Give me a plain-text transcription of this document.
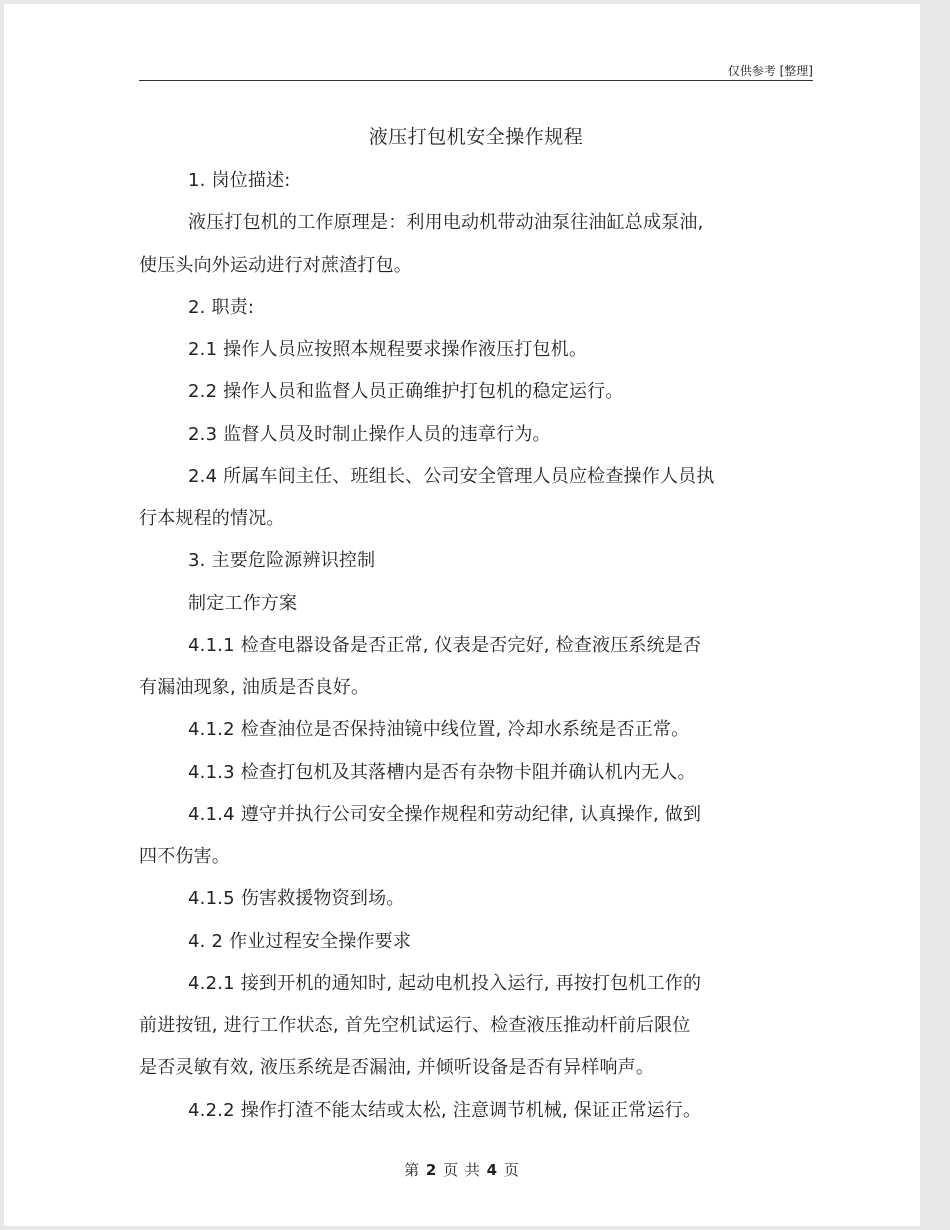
仅供参考 [整理]
液压打包机安全操作规程
1. 岗位描述:
液压打包机的工作原理是：利用电动机带动油泵往油缸总成泵油,
使压头向外运动进行对蔗渣打包。
2. 职责:
2.1 操作人员应按照本规程要求操作液压打包机。
2.2 操作人员和监督人员正确维护打包机的稳定运行。
2.3 监督人员及时制止操作人员的违章行为。
2.4 所属车间主任、班组长、公司安全管理人员应检查操作人员执
行本规程的情况。
3. 主要危险源辨识控制
制定工作方案
4.1.1 检查电器设备是否正常, 仪表是否完好, 检查液压系统是否
有漏油现象, 油质是否良好。
4.1.2 检查油位是否保持油镜中线位置, 冷却水系统是否正常。
4.1.3 检查打包机及其落槽内是否有杂物卡阻并确认机内无人。
4.1.4 遵守并执行公司安全操作规程和劳动纪律, 认真操作, 做到
四不伤害。
4.1.5 伤害救援物资到场。
4. 2 作业过程安全操作要求
4.2.1 接到开机的通知时, 起动电机投入运行, 再按打包机工作的
前进按钮, 进行工作状态, 首先空机试运行、检查液压推动杆前后限位
是否灵敏有效, 液压系统是否漏油, 并倾听设备是否有异样响声。
4.2.2 操作打渣不能太结或太松, 注意调节机械, 保证正常运行。
第 2 页 共 4 页
